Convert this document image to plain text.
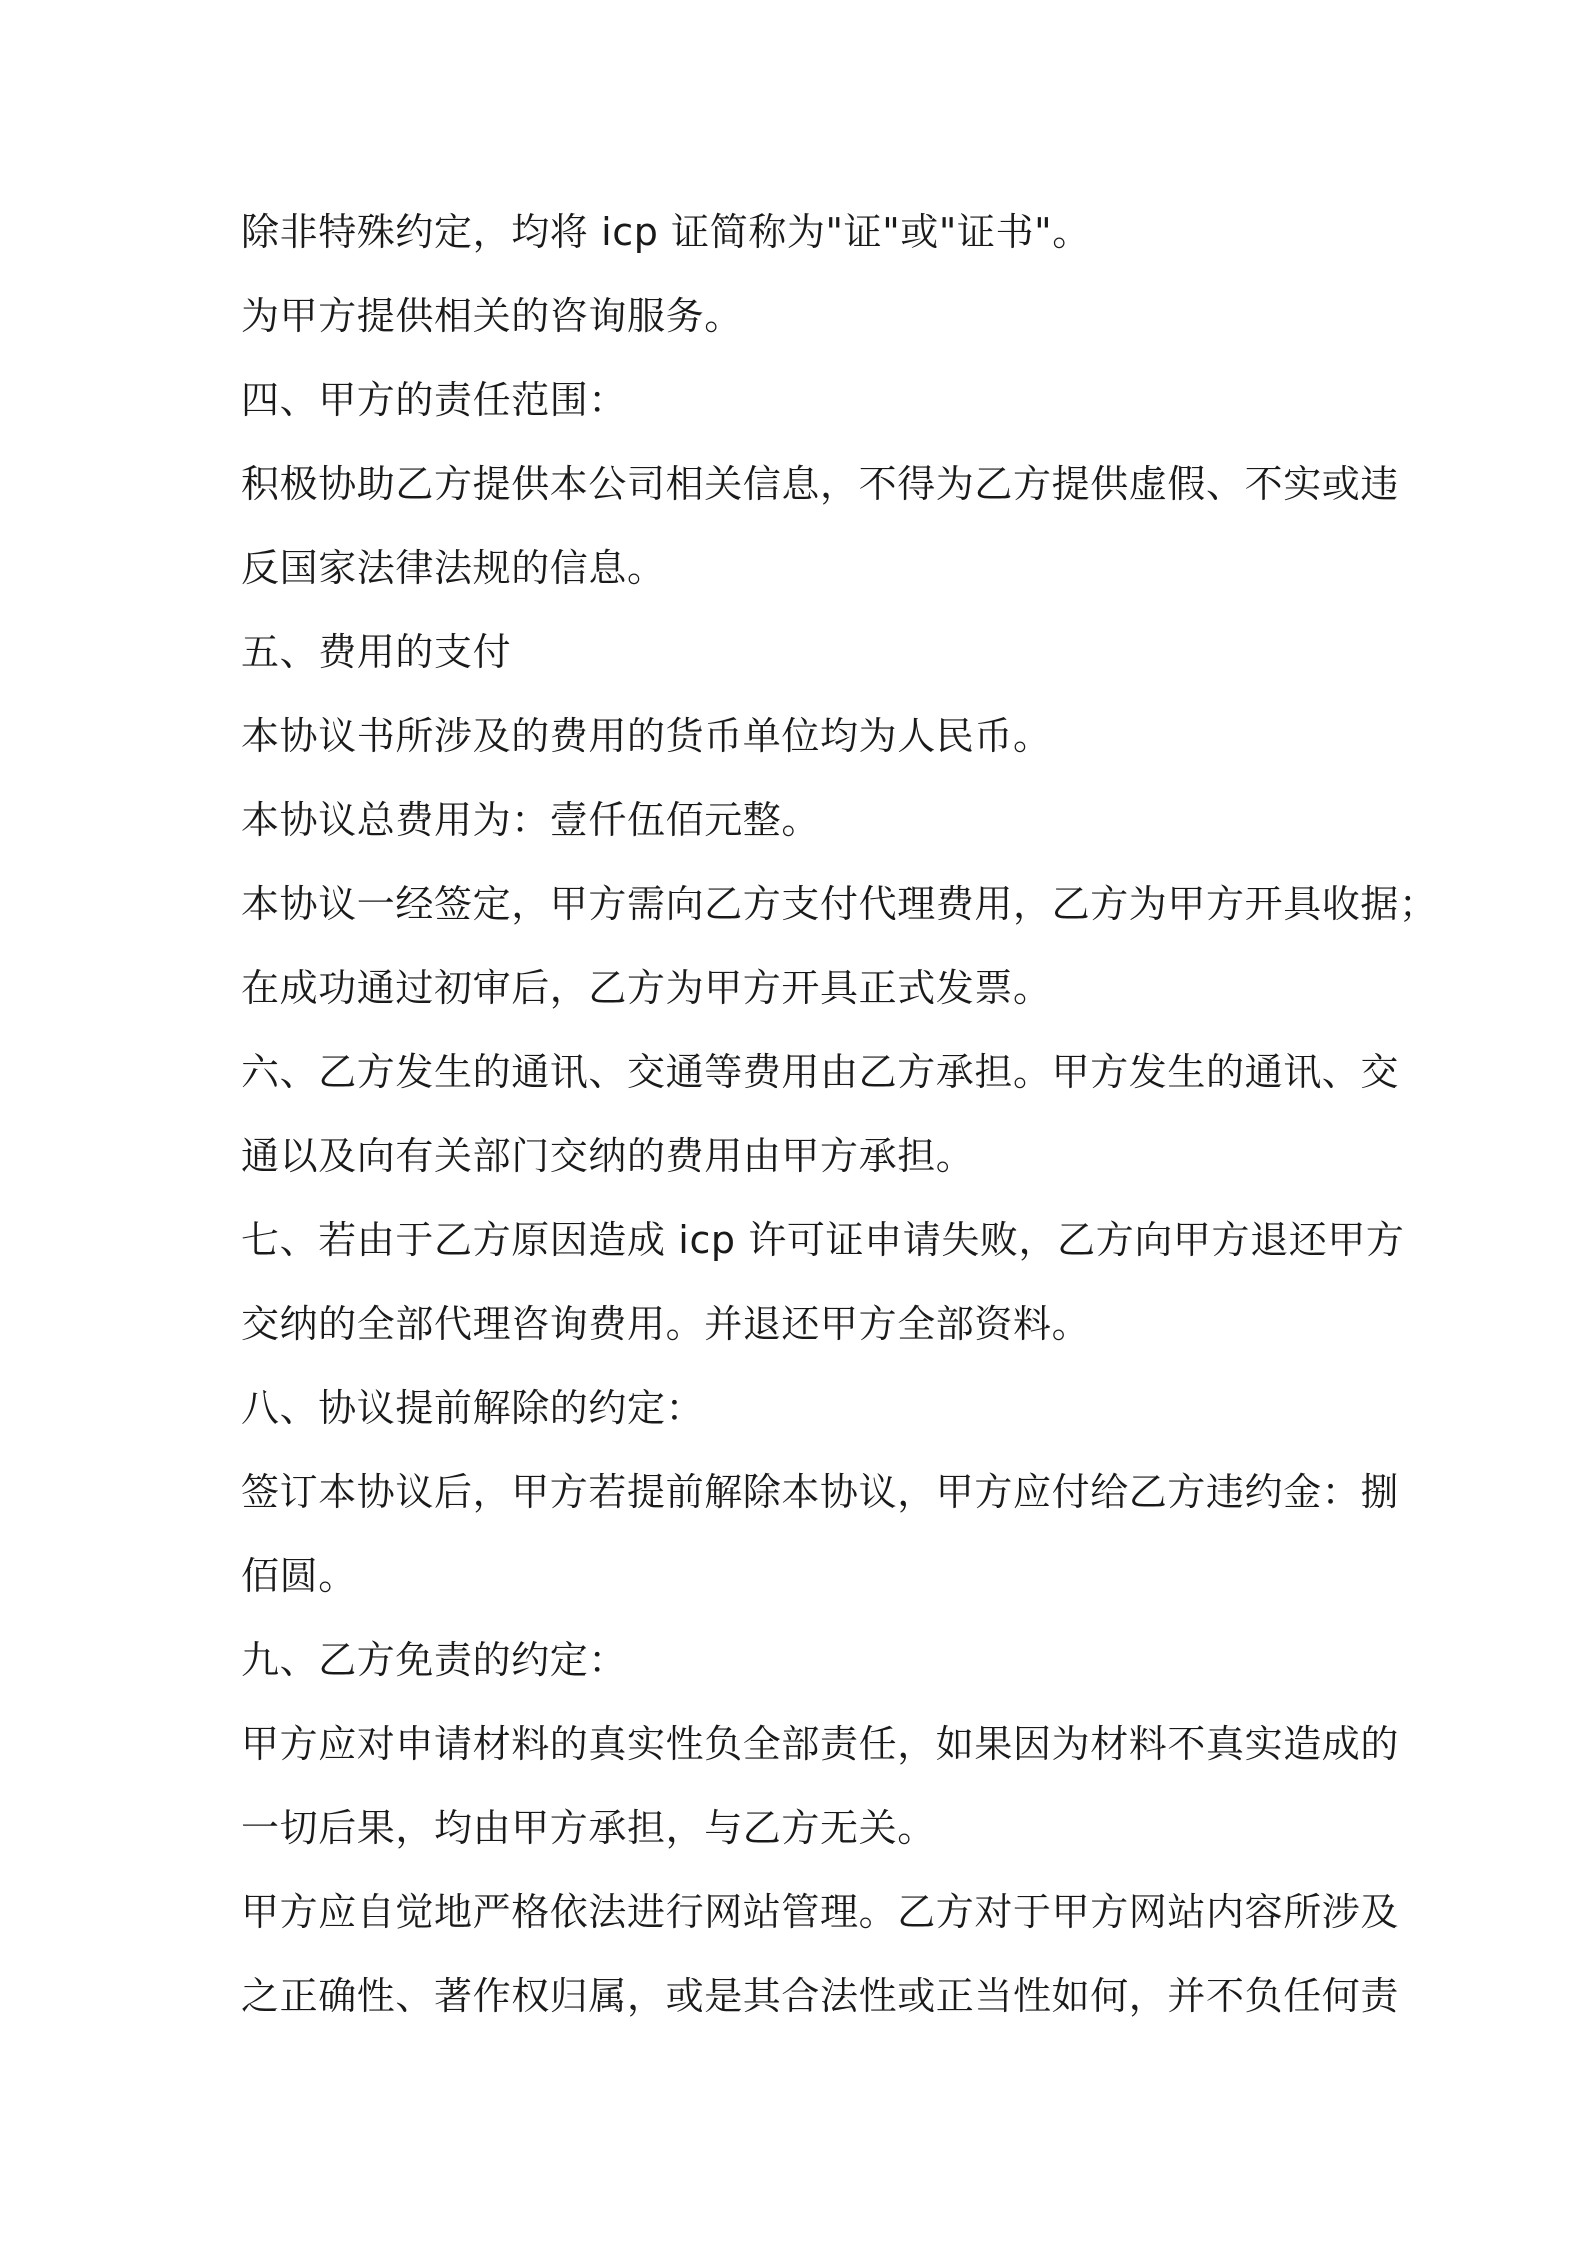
除非特殊约定，均将 icp 证简称为"证"或"证书"。
为甲方提供相关的咨询服务。
四、甲方的责任范围：
积极协助乙方提供本公司相关信息，不得为乙方提供虚假、不实或违
反国家法律法规的信息。
五、费用的支付
本协议书所涉及的费用的货币单位均为人民币。
本协议总费用为：壹仟伍佰元整。
本协议一经签定，甲方需向乙方支付代理费用，乙方为甲方开具收据；
在成功通过初审后，乙方为甲方开具正式发票。
六、乙方发生的通讯、交通等费用由乙方承担。甲方发生的通讯、交
通以及向有关部门交纳的费用由甲方承担。
七、若由于乙方原因造成 icp 许可证申请失败，乙方向甲方退还甲方
交纳的全部代理咨询费用。并退还甲方全部资料。
八、协议提前解除的约定：
签订本协议后，甲方若提前解除本协议，甲方应付给乙方违约金：捌
佰圆。
九、乙方免责的约定：
甲方应对申请材料的真实性负全部责任，如果因为材料不真实造成的
一切后果，均由甲方承担，与乙方无关。
甲方应自觉地严格依法进行网站管理。乙方对于甲方网站内容所涉及
之正确性、著作权归属，或是其合法性或正当性如何，并不负任何责
